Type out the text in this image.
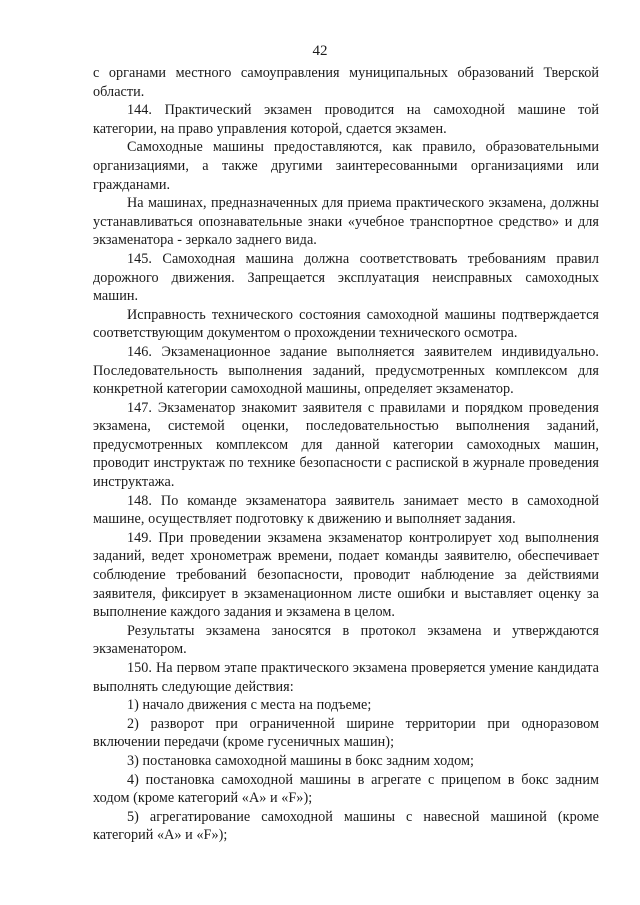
42

с органами местного самоуправления муниципальных образований Тверской области.

144. Практический экзамен проводится на самоходной машине той категории, на право управления которой, сдается экзамен.

Самоходные машины предоставляются, как правило, образовательными организациями, а также другими заинтересованными организациями или гражданами.

На машинах, предназначенных для приема практического экзамена, должны устанавливаться опознавательные знаки «учебное транспортное средство» и для экзаменатора - зеркало заднего вида.

145. Самоходная машина должна соответствовать требованиям правил дорожного движения. Запрещается эксплуатация неисправных самоходных машин.

Исправность технического состояния самоходной машины подтверждается соответствующим документом о прохождении технического осмотра.

146. Экзаменационное задание выполняется заявителем индивидуально. Последовательность выполнения заданий, предусмотренных комплексом для конкретной категории самоходной машины, определяет экзаменатор.

147. Экзаменатор знакомит заявителя с правилами и порядком проведения экзамена, системой оценки, последовательностью выполнения заданий, предусмотренных комплексом для данной категории самоходных машин, проводит инструктаж по технике безопасности с распиской в журнале проведения инструктажа.

148. По команде экзаменатора заявитель занимает место в самоходной машине, осуществляет подготовку к движению и выполняет задания.

149. При проведении экзамена экзаменатор контролирует ход выполнения заданий, ведет хронометраж времени, подает команды заявителю, обеспечивает соблюдение требований безопасности, проводит наблюдение за действиями заявителя, фиксирует в экзаменационном листе ошибки и выставляет оценку за выполнение каждого задания и экзамена в целом.

Результаты экзамена заносятся в протокол экзамена и утверждаются экзаменатором.

150. На первом этапе практического экзамена проверяется умение кандидата выполнять следующие действия:

1) начало движения с места на подъеме;

2) разворот при ограниченной ширине территории при одноразовом включении передачи (кроме гусеничных машин);

3) постановка самоходной машины в бокс задним ходом;

4) постановка самоходной машины в агрегате с прицепом в бокс задним ходом (кроме категорий «А» и «F»);

5) агрегатирование самоходной машины с навесной машиной (кроме категорий «А» и «F»);
